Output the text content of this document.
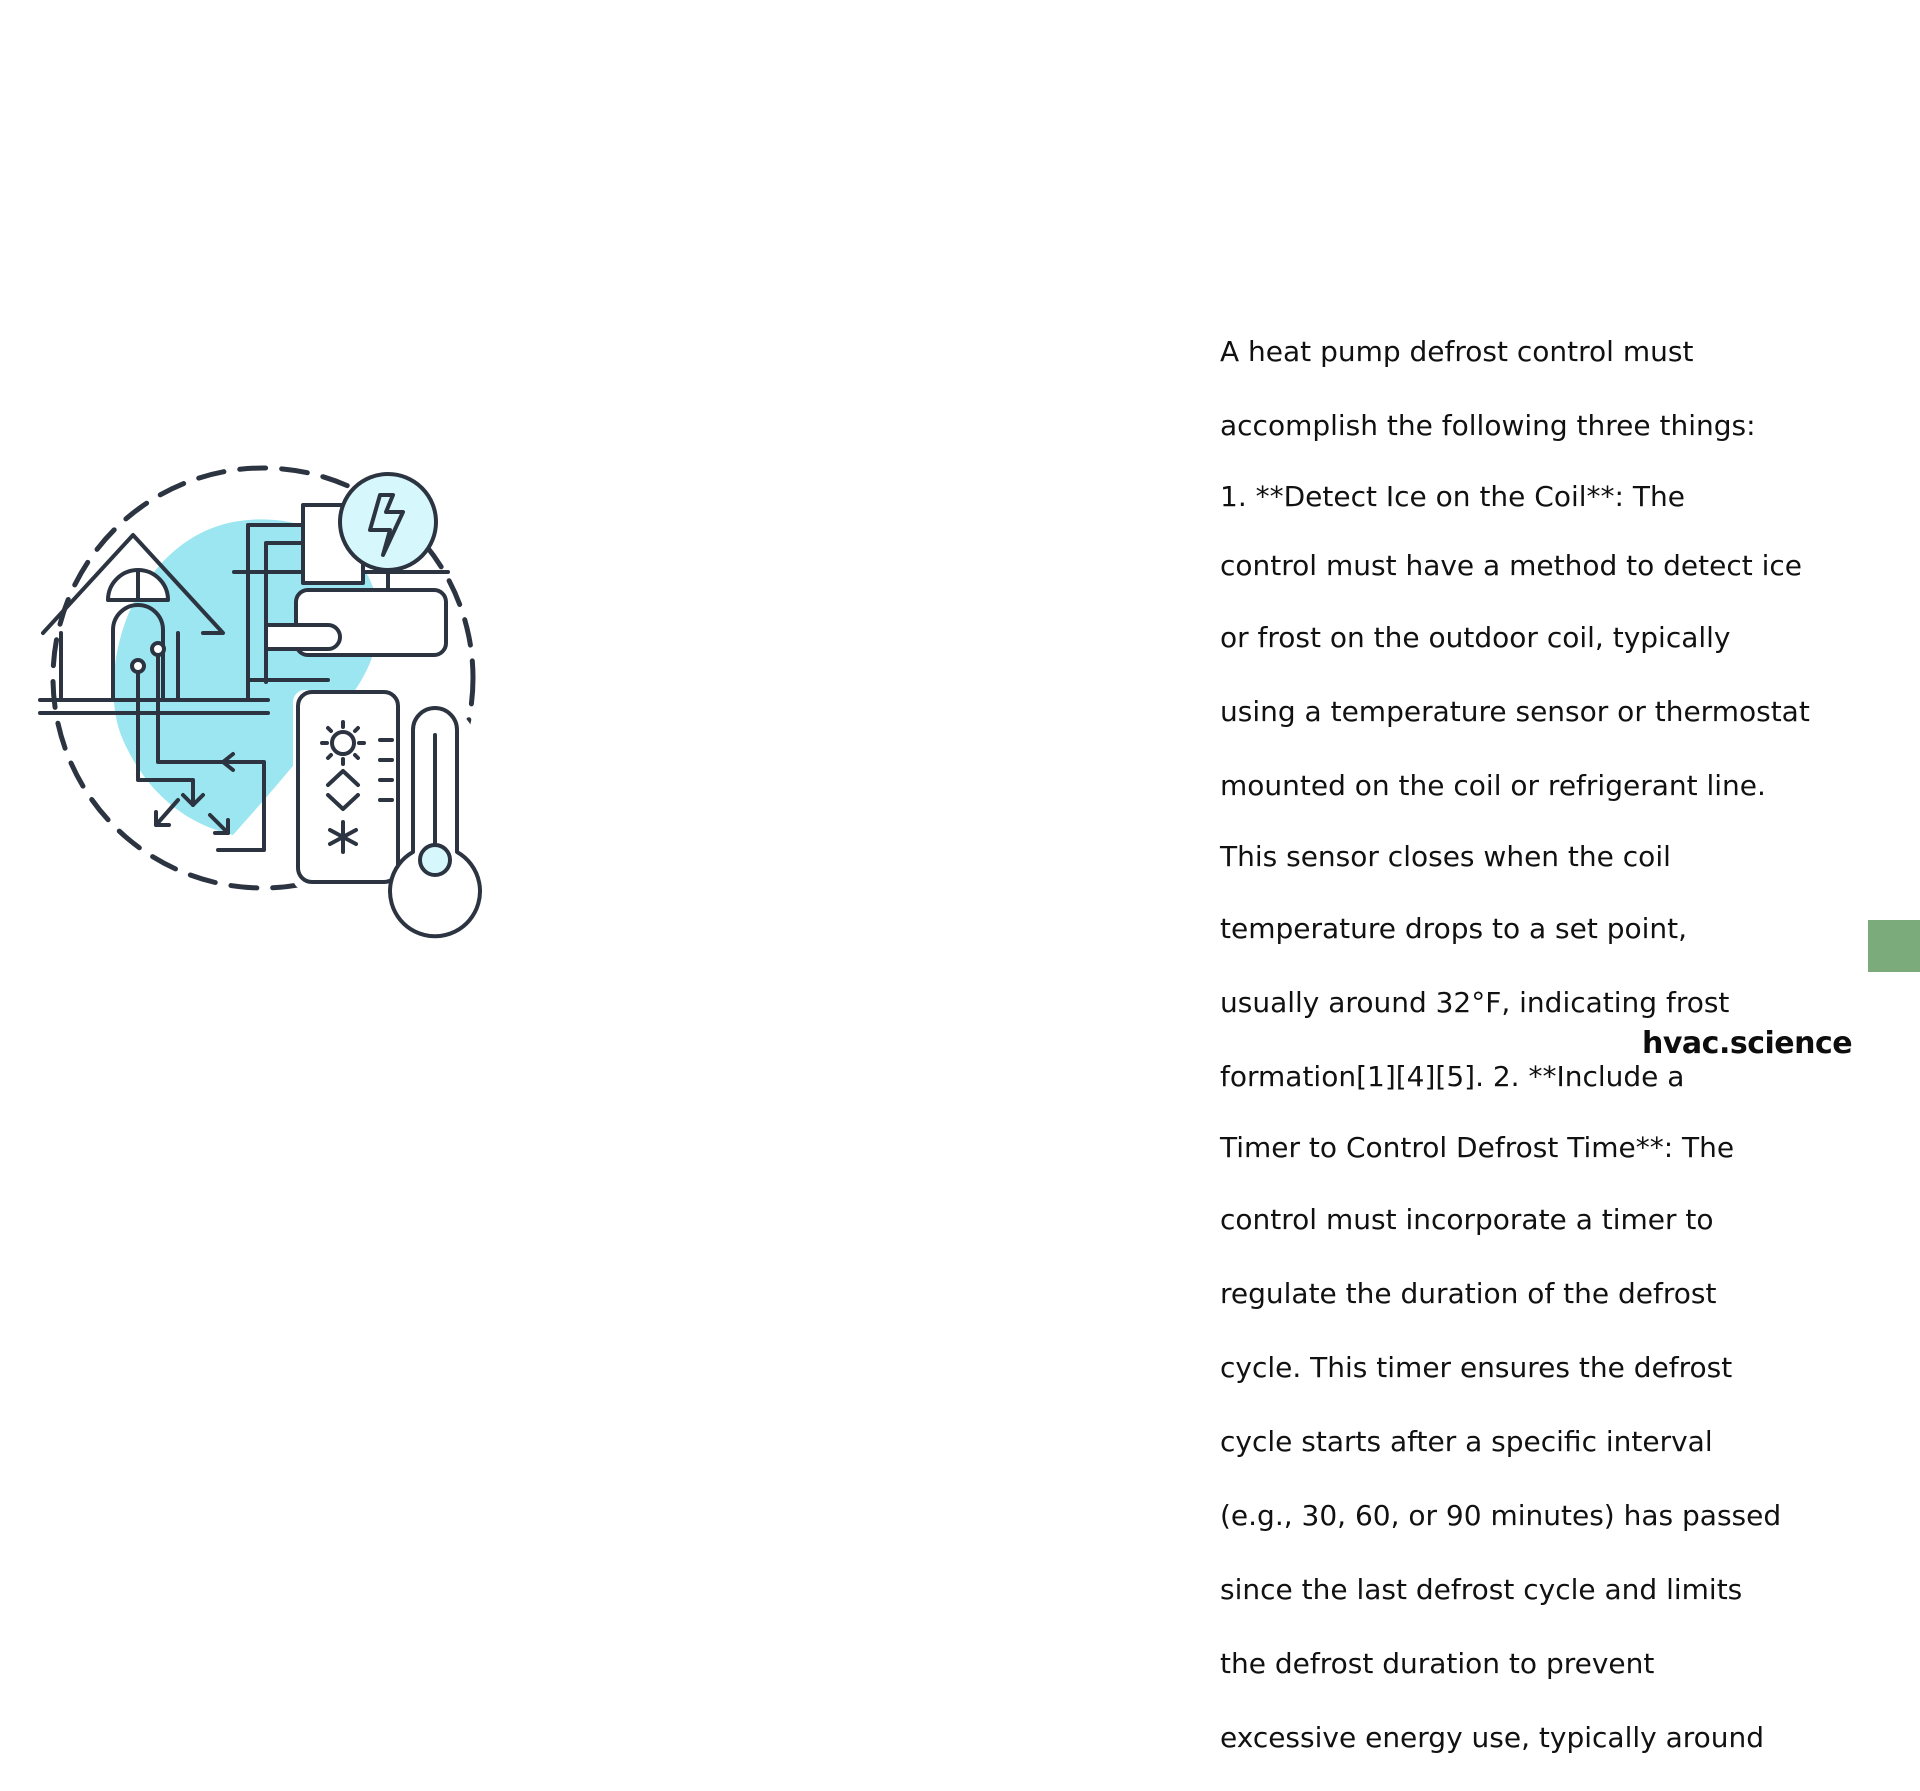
A heat pump defrost control must

accomplish the following three things:

1. **Detect Ice on the Coil**: The

control must have a method to detect ice

or frost on the outdoor coil, typically

using a temperature sensor or thermostat

mounted on the coil or refrigerant line.

This sensor closes when the coil

temperature drops to a set point,

usually around 32°F, indicating frost

formation[1][4][5]. 2. **Include a

Timer to Control Defrost Time**: The

control must incorporate a timer to

regulate the duration of the defrost

cycle. This timer ensures the defrost

cycle starts after a specific interval

(e.g., 30, 60, or 90 minutes) has passed

since the last defrost cycle and limits

the defrost duration to prevent

excessive energy use, typically around

hvac.science
